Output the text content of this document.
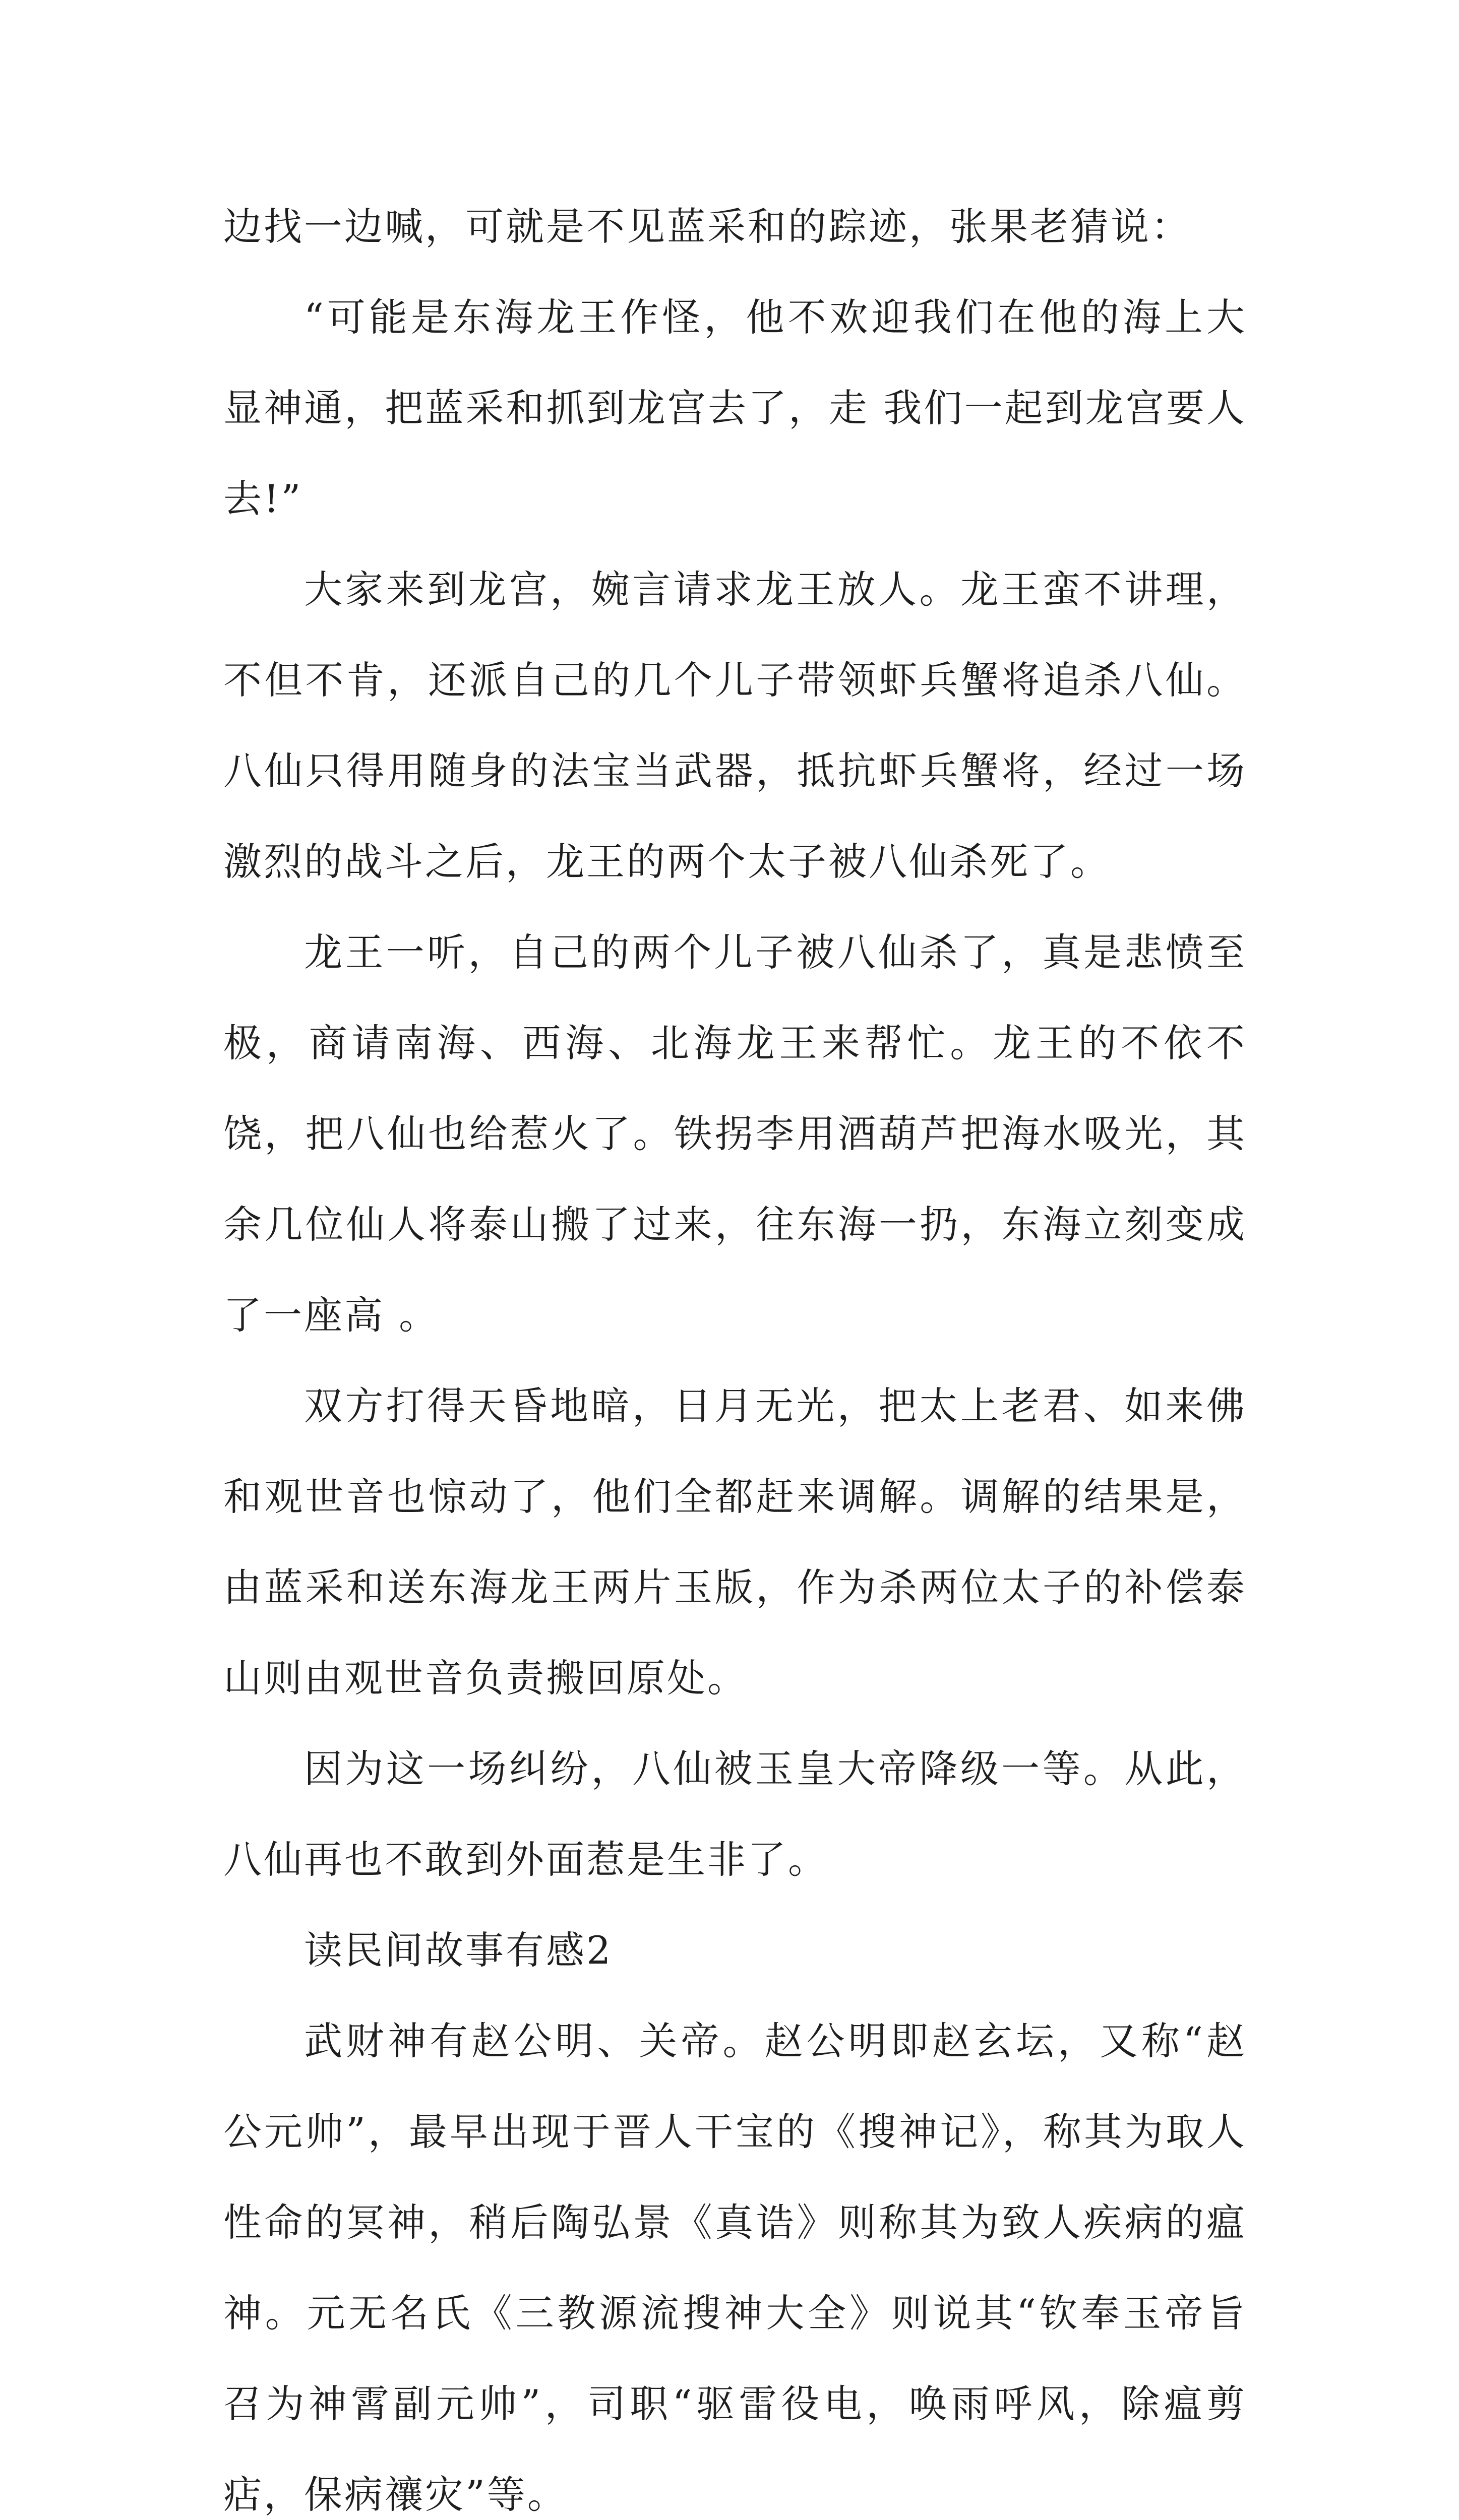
边找一边喊，可就是不见蓝采和的踪迹，张果老猜说：

“可能是东海龙王作怪，他不欢迎我们在他的海上大显神通，把蓝采和抓到龙宫去了，走 我们一起到龙宫要人去!”

大家来到龙宫，婉言请求龙王放人。龙王蛮不讲理，不但不肯，还派自己的几个儿子带领虾兵蟹将追杀八仙。八仙只得用随身的法宝当武器，抵抗虾兵蟹将，经过一场激烈的战斗之后，龙王的两个太子被八仙杀死了。

龙王一听，自己的两个儿子被八仙杀了，真是悲愤至极，商请南海、西海、北海龙王来帮忙。龙王的不依不饶，把八仙也给惹火了。铁拐李用酒葫芦把海水吸光，其余几位仙人将泰山搬了过来，往东海一扔，东海立刻变成了一座高 。

双方打得天昏地暗，日月无光，把太上老君、如来佛和观世音也惊动了，他们全都赶来调解。调解的结果是，由蓝采和送东海龙王两片玉版，作为杀两位太子的补偿泰山则由观世音负责搬回原处。

因为这一场纠纷，八仙被玉皇大帝降级一等。从此，八仙再也不敢到外面惹是生非了。

读民间故事有感2

武财神有赵公明、关帝。赵公明即赵玄坛，又称“赵公元帅”，最早出现于晋人干宝的《搜神记》，称其为取人性命的冥神，稍后陶弘景《真诰》则称其为致人疾病的瘟神。元无名氏《三教源流搜神大全》则说其“钦奉玉帝旨召为神霄副元帅”，司职“驱雷役电，唤雨呼风，除瘟剪痁，保病禳灾”等。
